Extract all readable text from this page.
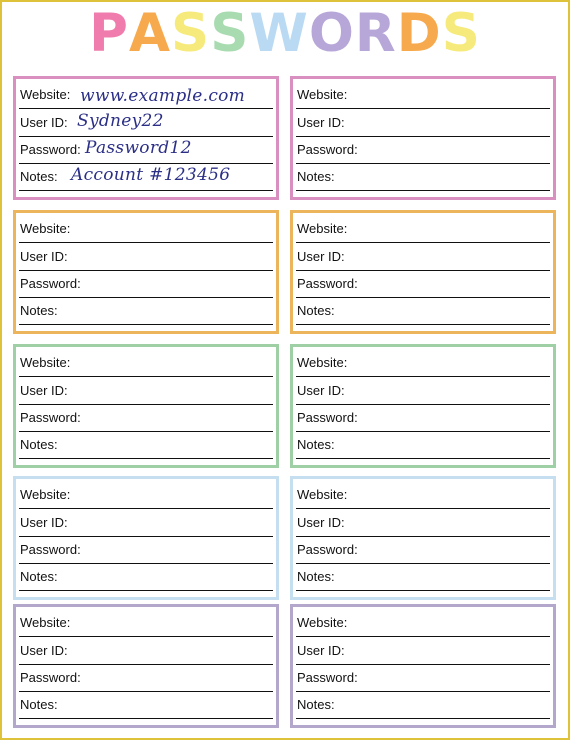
P A S S W O R D S
Website: www.example.com
User ID: Sydney22
Password: Password12
Notes: Account #123456
Website:
User ID:
Password:
Notes:
Website:
User ID:
Password:
Notes:
Website:
User ID:
Password:
Notes:
Website:
User ID:
Password:
Notes:
Website:
User ID:
Password:
Notes:
Website:
User ID:
Password:
Notes:
Website:
User ID:
Password:
Notes:
Website:
User ID:
Password:
Notes:
Website:
User ID:
Password:
Notes:
